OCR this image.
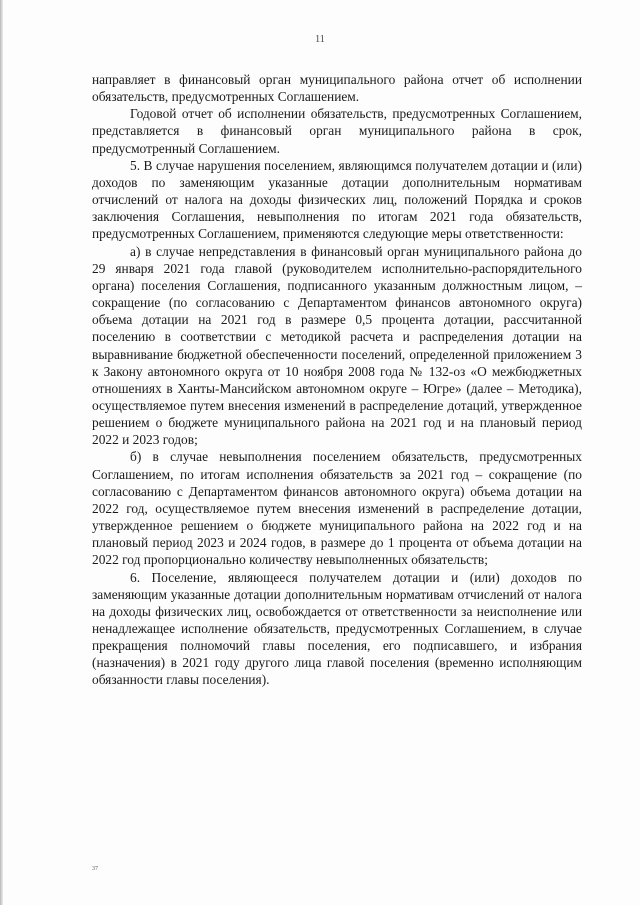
11

направляет в финансовый орган муниципального района отчет об исполнении обязательств, предусмотренных Соглашением.

Годовой отчет об исполнении обязательств, предусмотренных Соглашением, представляется в финансовый орган муниципального района в срок, предусмотренный Соглашением.

5. В случае нарушения поселением, являющимся получателем дотации и (или) доходов по заменяющим указанные дотации дополнительным нормативам отчислений от налога на доходы физических лиц, положений Порядка и сроков заключения Соглашения, невыполнения по итогам 2021 года обязательств, предусмотренных Соглашением, применяются следующие меры ответственности:

а) в случае непредставления в финансовый орган муниципального района до 29 января 2021 года главой (руководителем исполнительно-распорядительного органа) поселения Соглашения, подписанного указанным должностным лицом, – сокращение (по согласованию с Департаментом финансов автономного округа) объема дотации на 2021 год в размере 0,5 процента дотации, рассчитанной поселению в соответствии с методикой расчета и распределения дотации на выравнивание бюджетной обеспеченности поселений, определенной приложением 3 к Закону автономного округа от 10 ноября 2008 года № 132-оз «О межбюджетных отношениях в Ханты-Мансийском автономном округе – Югре» (далее – Методика), осуществляемое путем внесения изменений в распределение дотаций, утвержденное решением о бюджете муниципального района на 2021 год и на плановый период 2022 и 2023 годов;

б) в случае невыполнения поселением обязательств, предусмотренных Соглашением, по итогам исполнения обязательств за 2021 год – сокращение (по согласованию с Департаментом финансов автономного округа) объема дотации на 2022 год, осуществляемое путем внесения изменений в распределение дотации, утвержденное решением о бюджете муниципального района на 2022 год и на плановый период 2023 и 2024 годов, в размере до 1 процента от объема дотации на 2022 год пропорционально количеству невыполненных обязательств;

6. Поселение, являющееся получателем дотации и (или) доходов по заменяющим указанные дотации дополнительным нормативам отчислений от налога на доходы физических лиц, освобождается от ответственности за неисполнение или ненадлежащее исполнение обязательств, предусмотренных Соглашением, в случае прекращения полномочий главы поселения, его подписавшего, и избрания (назначения) в 2021 году другого лица главой поселения (временно исполняющим обязанности главы поселения).

37
